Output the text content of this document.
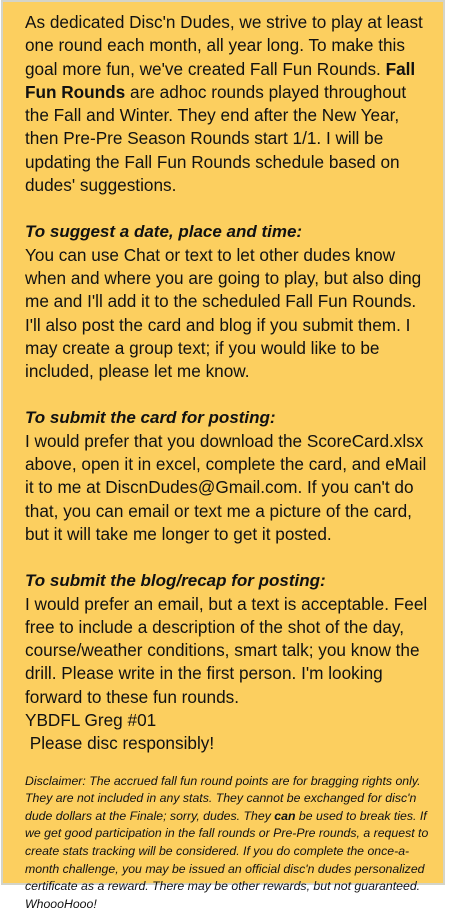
As dedicated Disc'n Dudes, we strive to play at least one round each month, all year long. To make this goal more fun, we've created Fall Fun Rounds. Fall Fun Rounds are adhoc rounds played throughout the Fall and Winter. They end after the New Year, then Pre-Pre Season Rounds start 1/1. I will be updating the Fall Fun Rounds schedule based on dudes' suggestions.

To suggest a date, place and time:

You can use Chat or text to let other dudes know when and where you are going to play, but also ding me and I'll add it to the scheduled Fall Fun Rounds. I'll also post the card and blog if you submit them. I may create a group text; if you would like to be included, please let me know.

To submit the card for posting:

I would prefer that you download the ScoreCard.xlsx above, open it in excel, complete the card, and eMail it to me at DiscnDudes@Gmail.com. If you can't do that, you can email or text me a picture of the card, but it will take me longer to get it posted.

To submit the blog/recap for posting:

I would prefer an email, but a text is acceptable. Feel free to include a description of the shot of the day, course/weather conditions, smart talk; you know the drill. Please write in the first person. I'm looking forward to these fun rounds.

YBDFL Greg #01
Please disc responsibly!

Disclaimer: The accrued fall fun round points are for bragging rights only. They are not included in any stats. They cannot be exchanged for disc'n dude dollars at the Finale; sorry, dudes. They can be used to break ties. If we get good participation in the fall rounds or Pre-Pre rounds, a request to create stats tracking will be considered. If you do complete the once-a-month challenge, you may be issued an official disc'n dudes personalized certificate as a reward. There may be other rewards, but not guaranteed. WhoooHooo!
